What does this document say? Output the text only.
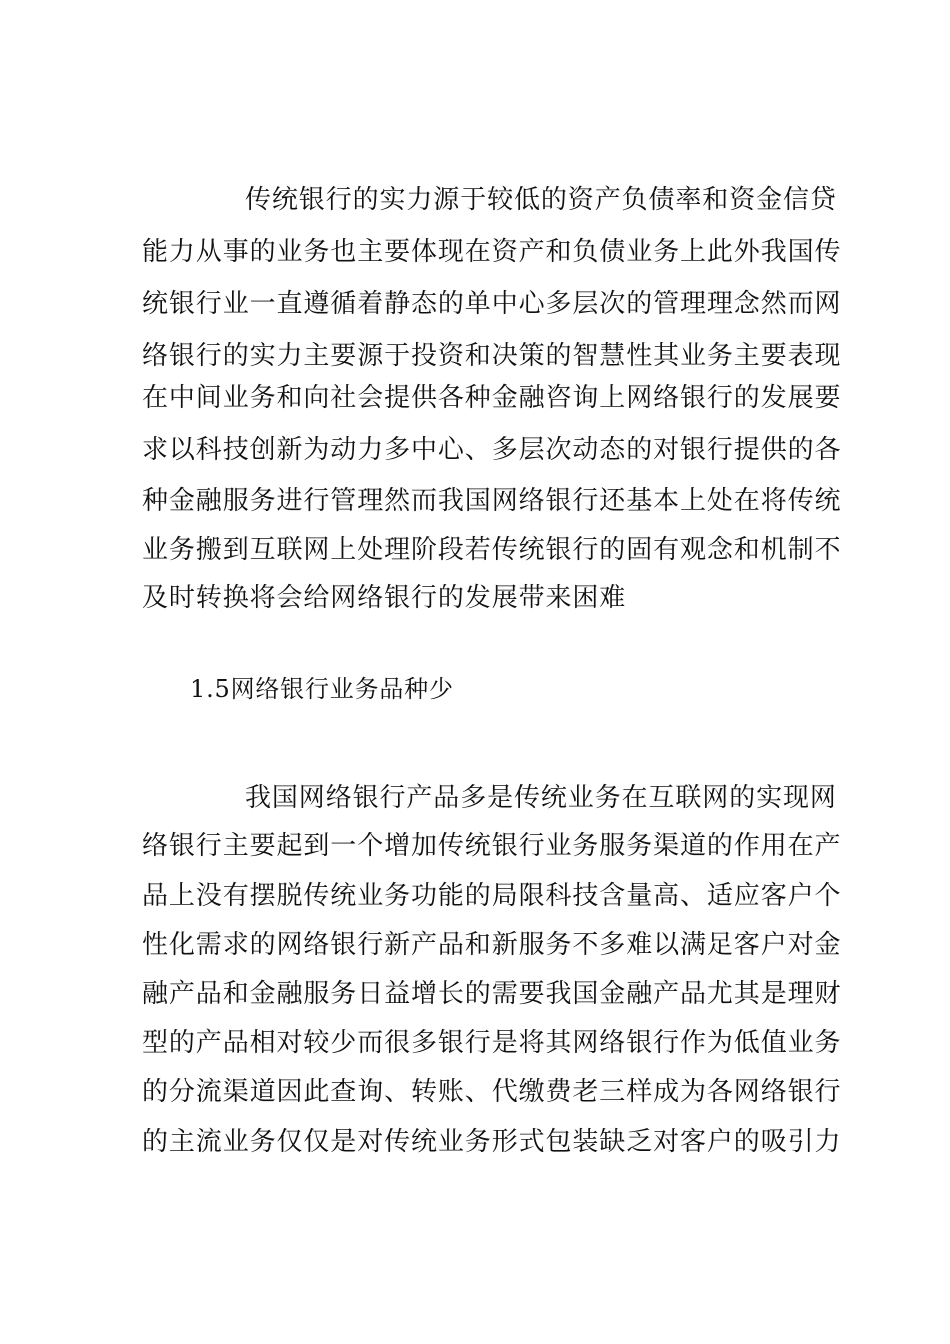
传统银行的实力源于较低的资产负债率和资金信贷
能力从事的业务也主要体现在资产和负债业务上此外我国传
统银行业一直遵循着静态的单中心多层次的管理理念然而网
络银行的实力主要源于投资和决策的智慧性其业务主要表现
在中间业务和向社会提供各种金融咨询上网络银行的发展要
求以科技创新为动力多中心、多层次动态的对银行提供的各
种金融服务进行管理然而我国网络银行还基本上处在将传统
业务搬到互联网上处理阶段若传统银行的固有观念和机制不
及时转换将会给网络银行的发展带来困难
1.5网络银行业务品种少
我国网络银行产品多是传统业务在互联网的实现网
络银行主要起到一个增加传统银行业务服务渠道的作用在产
品上没有摆脱传统业务功能的局限科技含量高、适应客户个
性化需求的网络银行新产品和新服务不多难以满足客户对金
融产品和金融服务日益增长的需要我国金融产品尤其是理财
型的产品相对较少而很多银行是将其网络银行作为低值业务
的分流渠道因此查询、转账、代缴费老三样成为各网络银行
的主流业务仅仅是对传统业务形式包装缺乏对客户的吸引力
